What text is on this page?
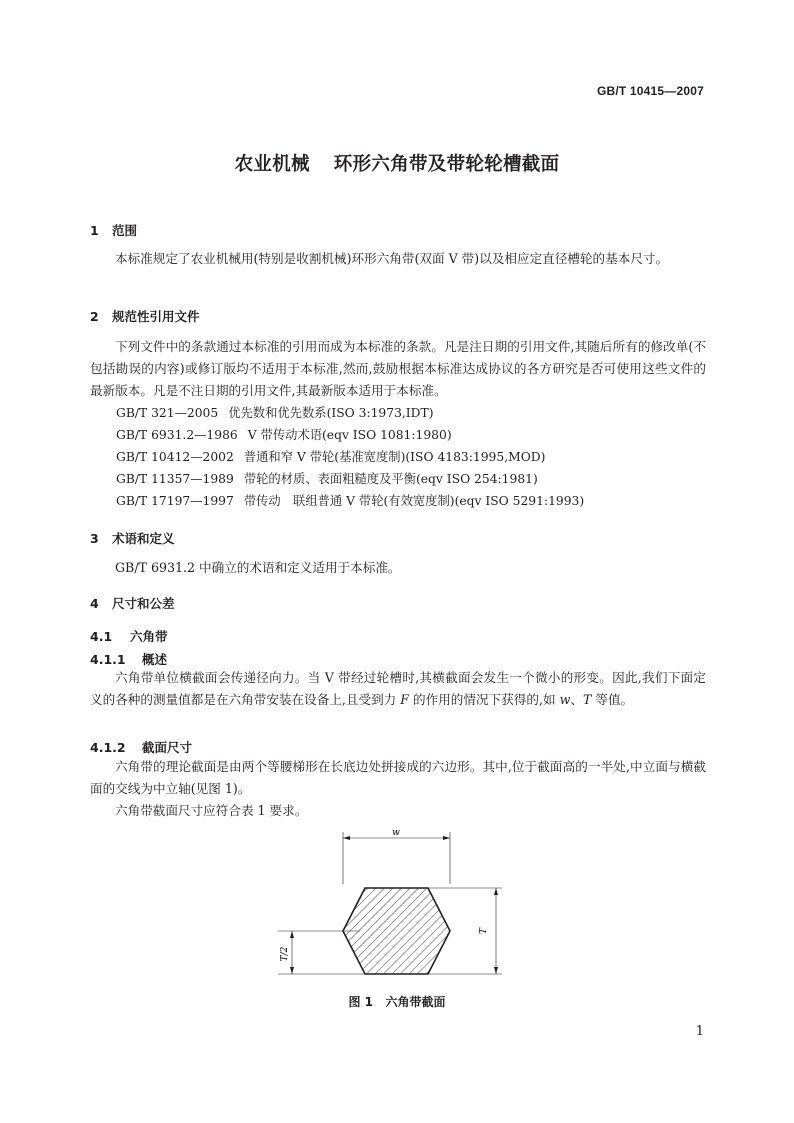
GB/T 10415—2007
农业机械 环形六角带及带轮轮槽截面
1 范围
本标准规定了农业机械用(特别是收割机械)环形六角带(双面 V 带)以及相应定直径槽轮的基本尺寸。
2 规范性引用文件
下列文件中的条款通过本标准的引用而成为本标准的条款。凡是注日期的引用文件,其随后所有的修改单(不包括勘误的内容)或修订版均不适用于本标准,然而,鼓励根据本标准达成协议的各方研究是否可使用这些文件的最新版本。凡是不注日期的引用文件,其最新版本适用于本标准。
GB/T 321—2005 优先数和优先数系(ISO 3:1973,IDT)
GB/T 6931.2—1986 V 带传动术语(eqv ISO 1081:1980)
GB/T 10412—2002 普通和窄 V 带轮(基准宽度制)(ISO 4183:1995,MOD)
GB/T 11357—1989 带轮的材质、表面粗糙度及平衡(eqv ISO 254:1981)
GB/T 17197—1997 带传动　联组普通 V 带轮(有效宽度制)(eqv ISO 5291:1993)
3 术语和定义
GB/T 6931.2 中确立的术语和定义适用于本标准。
4 尺寸和公差
4.1 六角带
4.1.1 概述
六角带单位横截面会传递径向力。当 V 带经过轮槽时,其横截面会发生一个微小的形变。因此,我们下面定义的各种的测量值都是在六角带安装在设备上,且受到力 F 的作用的情况下获得的,如 w、T 等值。
4.1.2 截面尺寸
六角带的理论截面是由两个等腰梯形在长底边处拼接成的六边形。其中,位于截面高的一半处,中立面与横截面的交线为中立轴(见图 1)。
六角带截面尺寸应符合表 1 要求。
w
T
T/2
图 1 六角带截面
1
